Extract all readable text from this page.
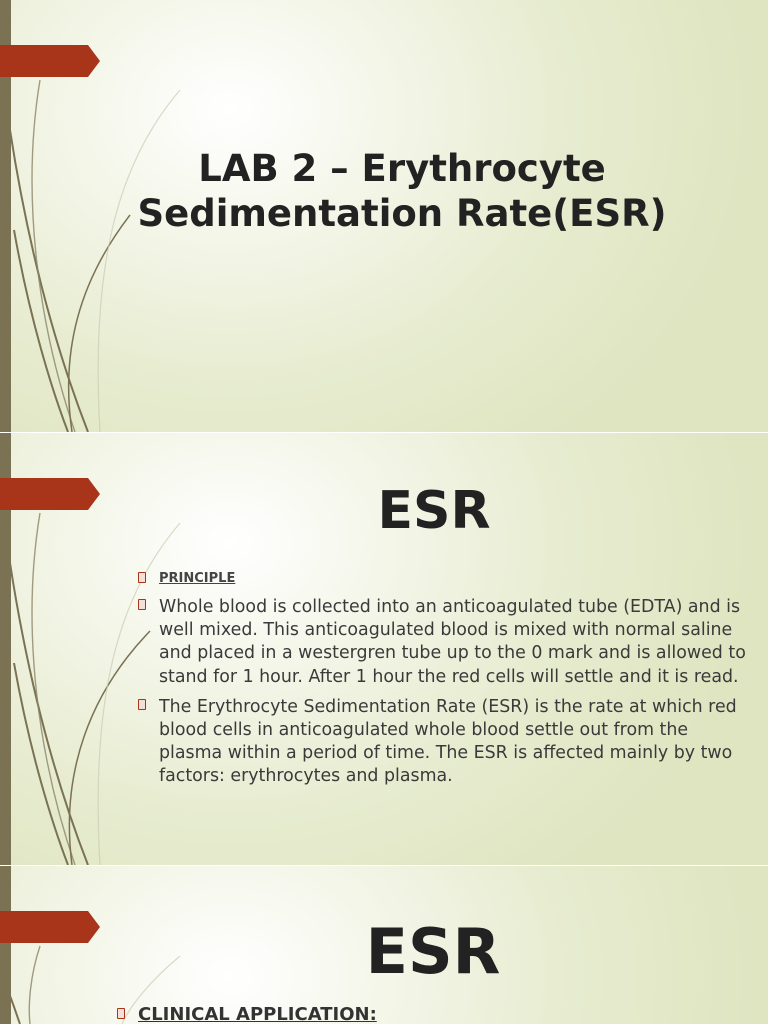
LAB 2 – Erythrocyte
Sedimentation Rate(ESR)
ESR
PRINCIPLE
Whole blood is collected into an anticoagulated tube (EDTA) and is well mixed. This anticoagulated blood is mixed with normal saline and placed in a westergren tube up to the 0 mark and is allowed to stand for 1 hour. After 1 hour the red cells will settle and it is read.
The Erythrocyte Sedimentation Rate (ESR) is the rate at which red blood cells in anticoagulated whole blood settle out from the plasma within a period of time. The ESR is affected mainly by two factors: erythrocytes and plasma.
ESR
CLINICAL APPLICATION:
